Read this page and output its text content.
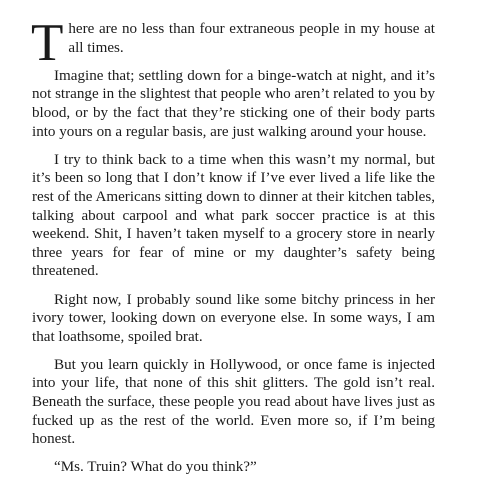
There are no less than four extraneous people in my house at all times.

Imagine that; settling down for a binge-watch at night, and it’s not strange in the slightest that people who aren’t related to you by blood, or by the fact that they’re sticking one of their body parts into yours on a regular basis, are just walking around your house.

I try to think back to a time when this wasn’t my normal, but it’s been so long that I don’t know if I’ve ever lived a life like the rest of the Americans sitting down to dinner at their kitchen tables, talking about carpool and what park soccer practice is at this weekend. Shit, I haven’t taken myself to a grocery store in nearly three years for fear of mine or my daughter’s safety being threatened.

Right now, I probably sound like some bitchy princess in her ivory tower, looking down on everyone else. In some ways, I am that loathsome, spoiled brat.

But you learn quickly in Hollywood, or once fame is injected into your life, that none of this shit glitters. The gold isn’t real. Beneath the surface, these people you read about have lives just as fucked up as the rest of the world. Even more so, if I’m being honest.

“Ms. Truin? What do you think?”
